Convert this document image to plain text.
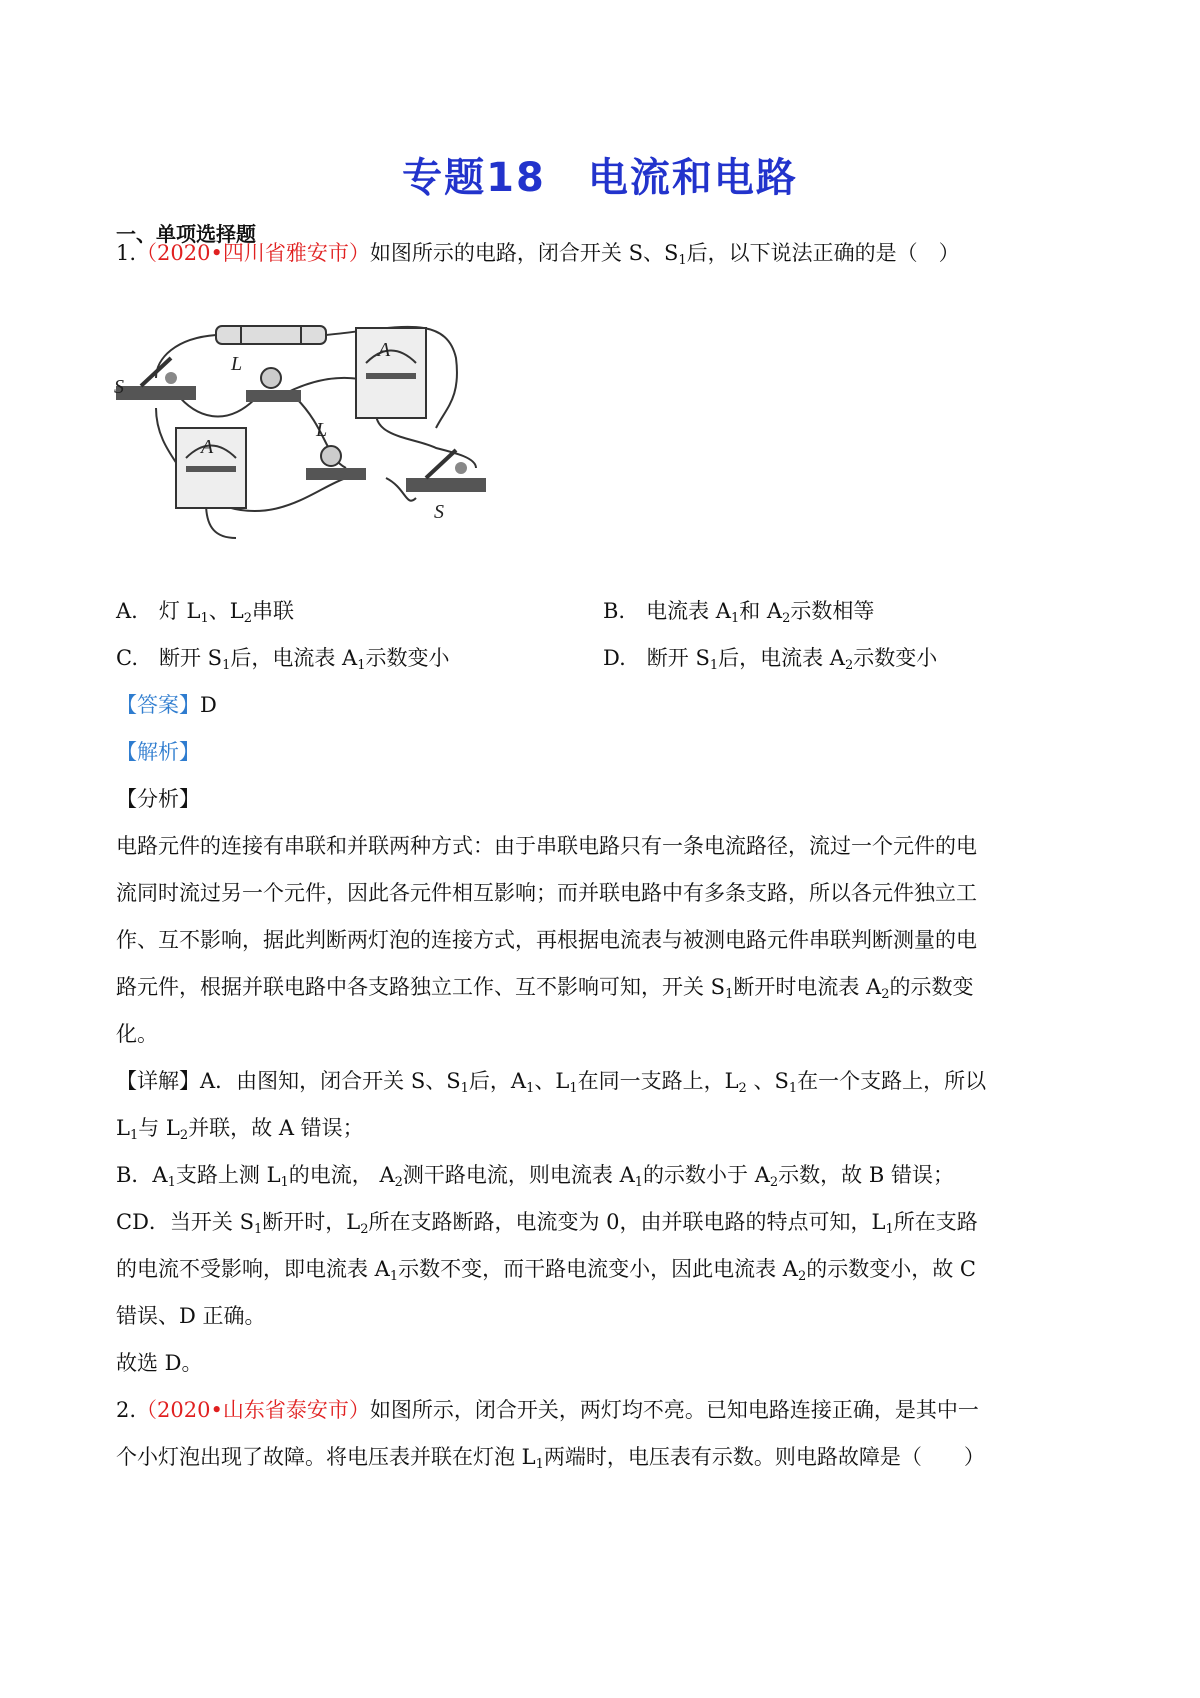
专题18　电流和电路
一、单项选择题
1.（2020•四川省雅安市）如图所示的电路，闭合开关 S、$S_1$后，以下说法正确的是（　）
S
L
L
A
A
S
A.　灯 $L_1$、$L_2$串联	B.　电流表 $A_1$和 $A_2$示数相等
C.　断开 $S_1$后，电流表 $A_1$示数变小	D.　断开 $S_1$后，电流表 $A_2$示数变小
【答案】D
【解析】
【分析】
电路元件的连接有串联和并联两种方式：由于串联电路只有一条电流路径，流过一个元件的电
流同时流过另一个元件，因此各元件相互影响；而并联电路中有多条支路，所以各元件独立工
作、互不影响，据此判断两灯泡的连接方式，再根据电流表与被测电路元件串联判断测量的电
路元件，根据并联电路中各支路独立工作、互不影响可知，开关 $S_1$断开时电流表 $A_2$的示数变
化。
【详解】A．由图知，闭合开关 S、$S_1$后，$A_1$、$L_1$在同一支路上，$L_2$ 、$S_1$在一个支路上，所以
$L_1$与 $L_2$并联，故 A 错误；
B．$A_1$支路上测 $L_1$的电流， $A_2$测干路电流，则电流表 $A_1$的示数小于 $A_2$示数，故 B 错误；
CD．当开关 $S_1$断开时，$L_2$所在支路断路，电流变为 0，由并联电路的特点可知，$L_1$所在支路
的电流不受影响，即电流表 $A_1$示数不变，而干路电流变小，因此电流表 $A_2$的示数变小，故 C
错误、D 正确。
故选 D。
2.（2020•山东省泰安市）如图所示，闭合开关，两灯均不亮。已知电路连接正确，是其中一
个小灯泡出现了故障。将电压表并联在灯泡 $L_1$两端时，电压表有示数。则电路故障是（　　）
